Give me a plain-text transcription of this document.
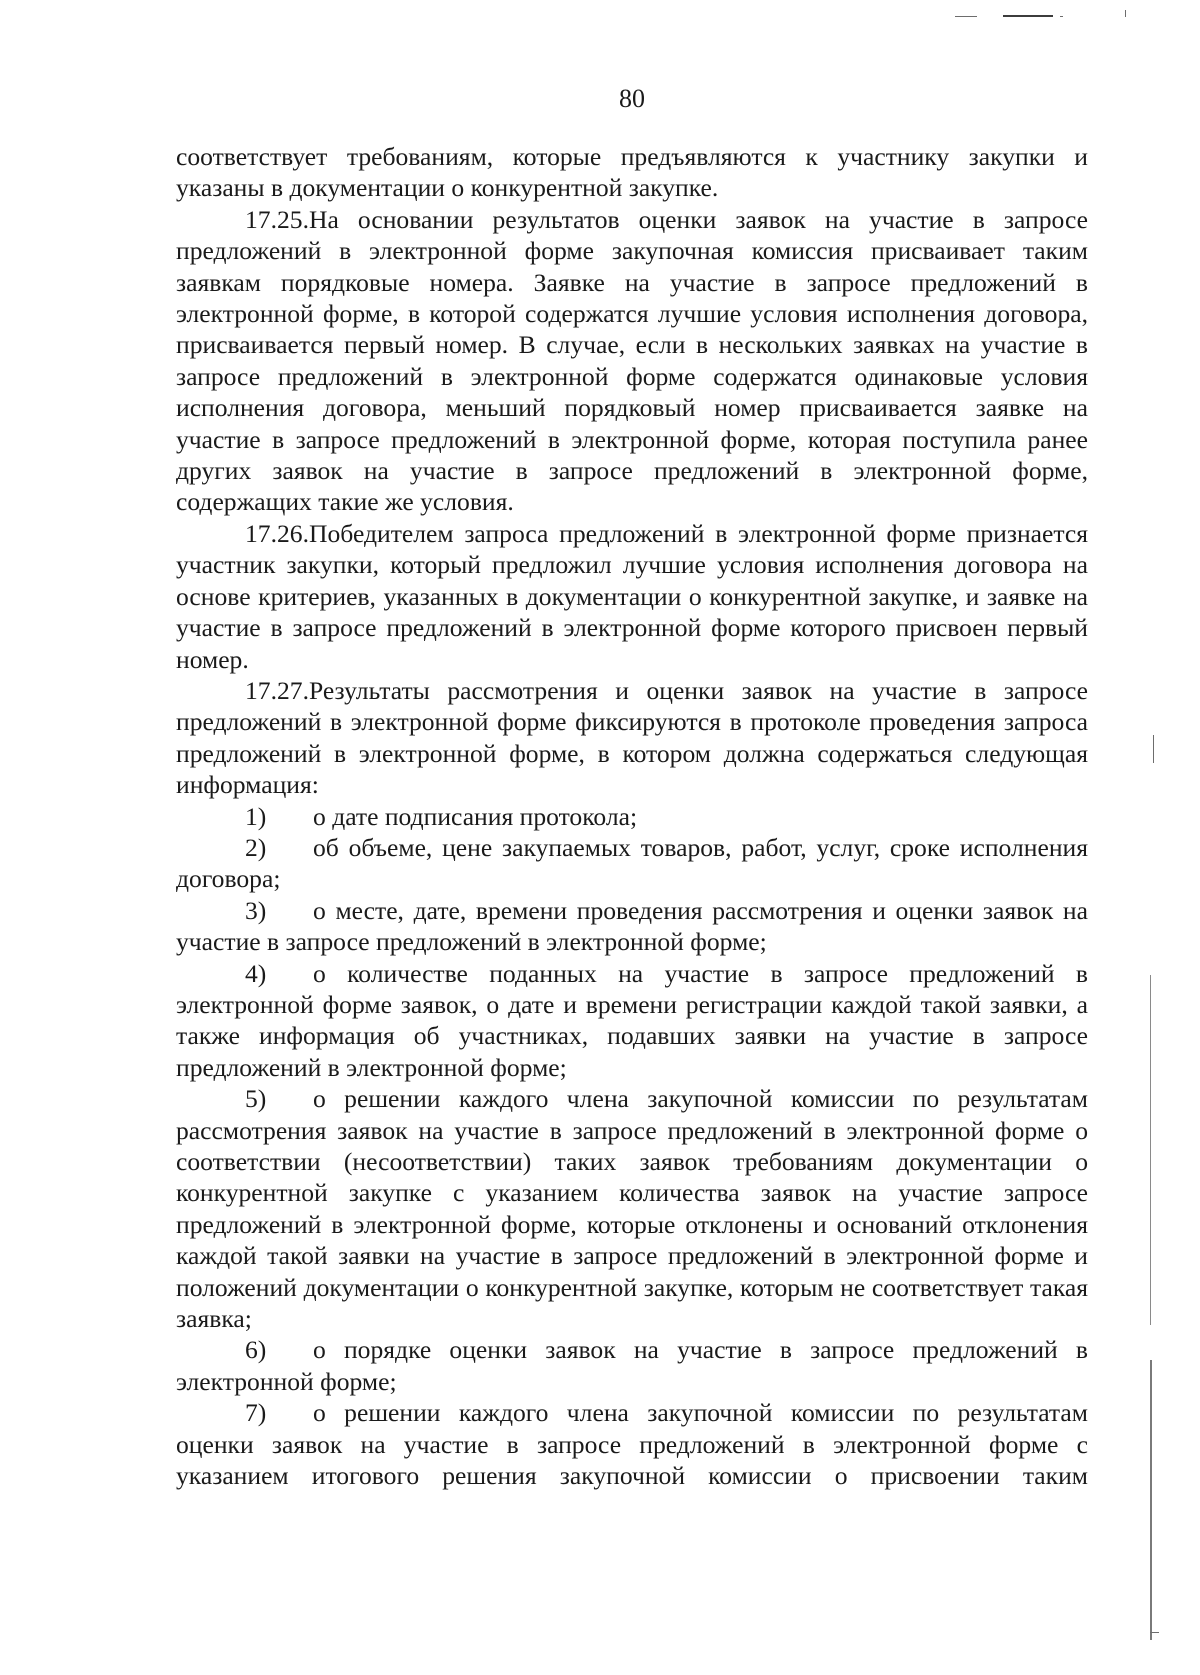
80

соответствует требованиям, которые предъявляются к участнику закупки и указаны в документации о конкурентной закупке.

17.25.На основании результатов оценки заявок на участие в запросе предложений в электронной форме закупочная комиссия присваивает таким заявкам порядковые номера. Заявке на участие в запросе предложений в электронной форме, в которой содержатся лучшие условия исполнения договора, присваивается первый номер. В случае, если в нескольких заявках на участие в запросе предложений в электронной форме содержатся одинаковые условия исполнения договора, меньший порядковый номер присваивается заявке на участие в запросе предложений в электронной форме, которая поступила ранее других заявок на участие в запросе предложений в электронной форме, содержащих такие же условия.

17.26.Победителем запроса предложений в электронной форме признается участник закупки, который предложил лучшие условия исполнения договора на основе критериев, указанных в документации о конкурентной закупке, и заявке на участие в запросе предложений в электронной форме которого присвоен первый номер.

17.27.Результаты рассмотрения и оценки заявок на участие в запросе предложений в электронной форме фиксируются в протоколе проведения запроса предложений в электронной форме, в котором должна содержаться следующая информация:

1) о дате подписания протокола;

2) об объеме, цене закупаемых товаров, работ, услуг, сроке исполнения договора;

3) о месте, дате, времени проведения рассмотрения и оценки заявок на участие в запросе предложений в электронной форме;

4) о количестве поданных на участие в запросе предложений в электронной форме заявок, о дате и времени регистрации каждой такой заявки, а также информация об участниках, подавших заявки на участие в запросе предложений в электронной форме;

5) о решении каждого члена закупочной комиссии по результатам рассмотрения заявок на участие в запросе предложений в электронной форме о соответствии (несоответствии) таких заявок требованиям документации о конкурентной закупке с указанием количества заявок на участие запросе предложений в электронной форме, которые отклонены и оснований отклонения каждой такой заявки на участие в запросе предложений в электронной форме и положений документации о конкурентной закупке, которым не соответствует такая заявка;

6) о порядке оценки заявок на участие в запросе предложений в электронной форме;

7) о решении каждого члена закупочной комиссии по результатам оценки заявок на участие в запросе предложений в электронной форме с указанием итогового решения закупочной комиссии о присвоении таким
